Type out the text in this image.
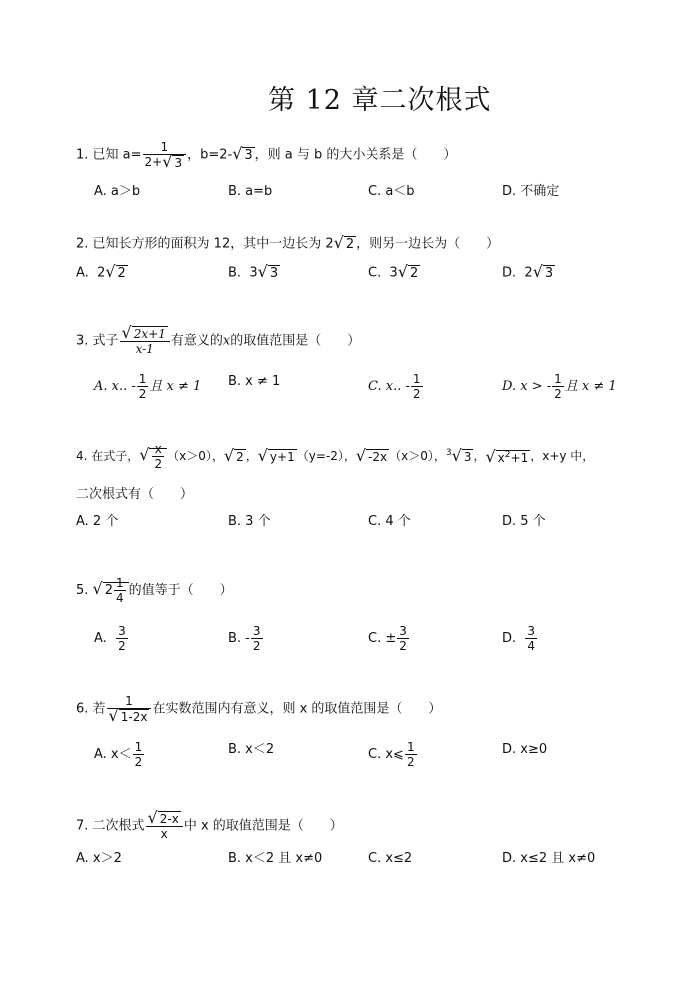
第 12 章二次根式
1. 已知 $a= \frac{1}{2+√ 3}$ ，b=2-√ 3 ，则 a 与 b 的大小关系是（　　）
A. a＞b	B. a=b	C. a＜b	D. 不确定
2. 已知长方形的面积为 12，其中一边长为 2√ 2 ，则另一边长为（　　）
A. 2√ 2	B. 3√ 3	C. 3√ 2	D. 2√ 3
3. 式子 $\frac{√ 2x+1}{x-1}$ 有意义的x的取值范围是（　　）
A. x.. - $\frac{1}{2}$ 且 x ≠ 1 B. x ≠ 1	C. x.. - $\frac{1}{2}$	D. x > - $\frac{1}{2}$ 且 x ≠ 1
4. 在式子，√ $\frac{x}{2} (x>0)$，√ 2 ，√ y+1 （y=-2），√ -2x （x＞0），$^3$√ 3 ，√ $x^2+1$ ，x+y 中，
二次根式有（　　）
A. 2 个	B. 3 个	C. 4 个	D. 5 个
5. √ $2 \frac{1}{4}$ 的值等于（　　）
A. $\frac{3}{2}$	B. - $\frac{3}{2}$	C. ± $\frac{3}{2}$	D. $\frac{3}{4}$
6. 若 $\frac{1}{√ 1-2x}$ 在实数范围内有意义，则 x 的取值范围是（　　）
A. $x< \frac{1}{2}$	B. x＜2	C. x⩽ $\frac{1}{2}$	D. x≥0
7. 二次根式 $\frac{√ 2-x}{x}$ 中 x 的取值范围是（　　）
A. x＞2	B. x＜2 且 x≠0	C. x≤2	D. x≤2 且 x≠0
